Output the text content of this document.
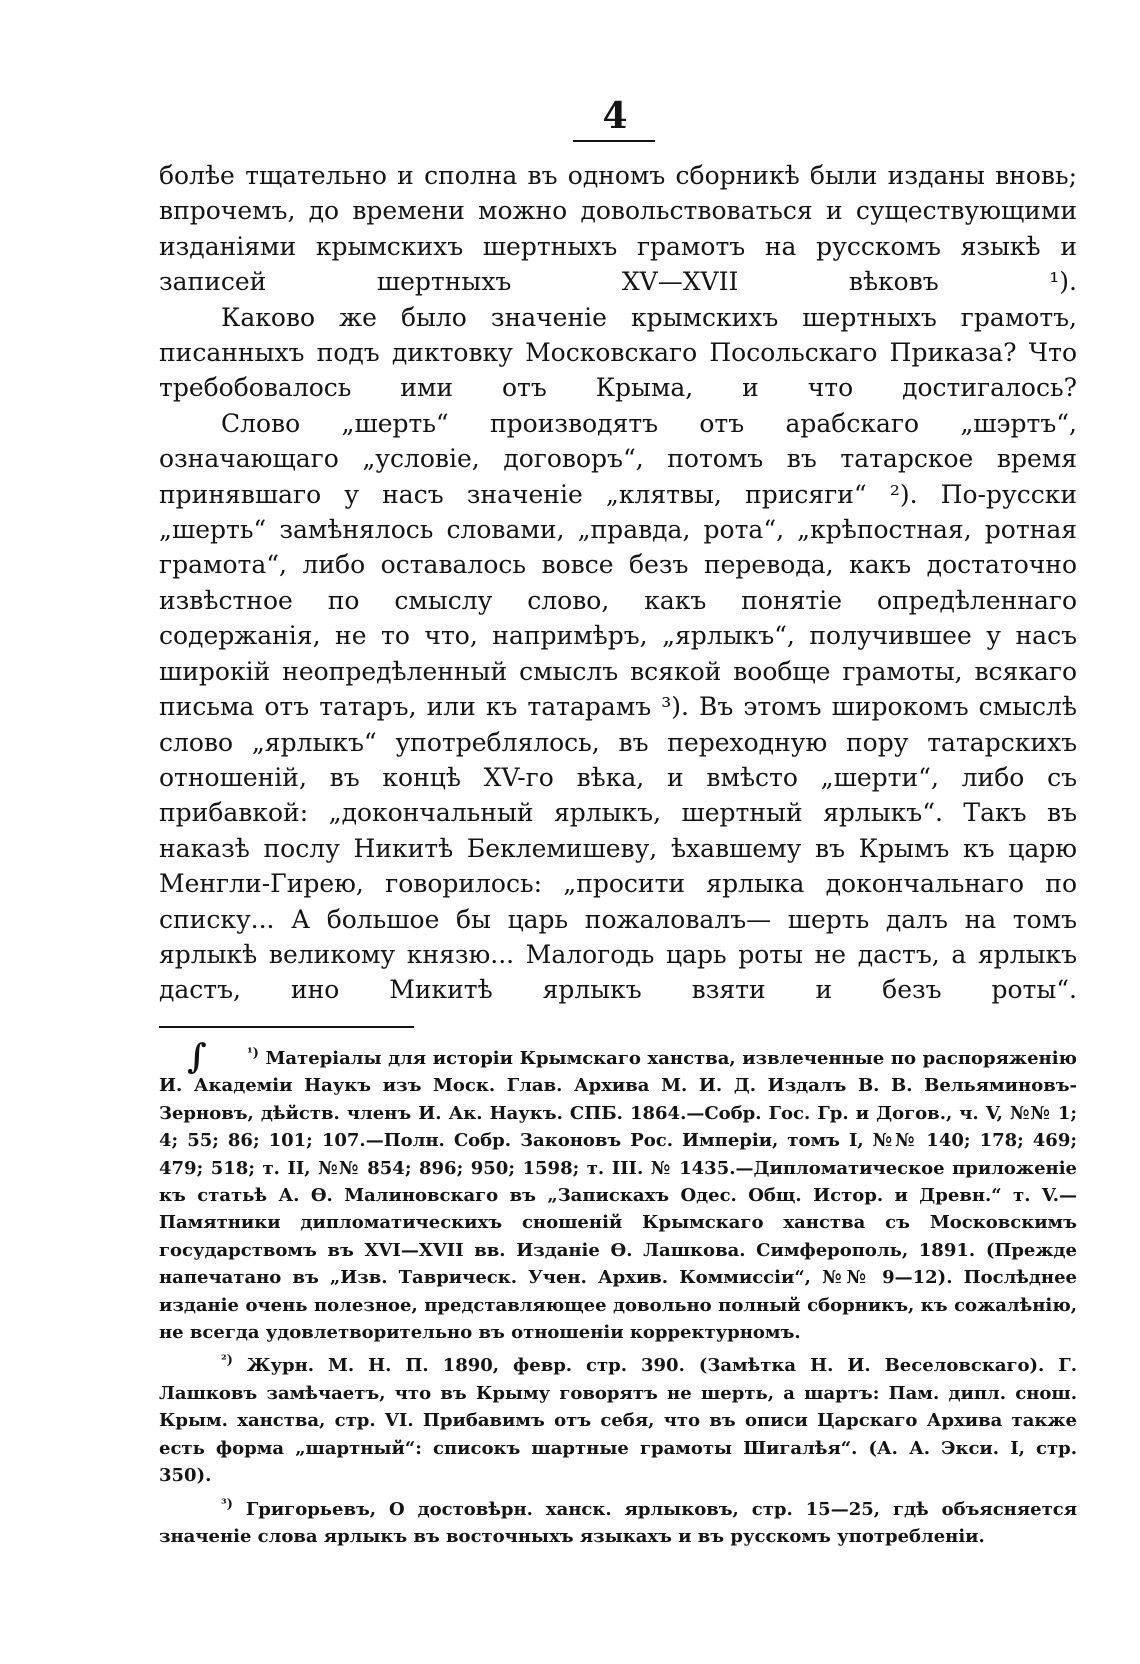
4

болѣе тщательно и сполна въ одномъ сборникѣ были изданы вновь; впрочемъ, до времени можно довольствоваться и существующими изданiями крымскихъ шертныхъ грамотъ на русскомъ языкѣ и записей шертныхъ XV—XVII вѣковъ ¹).

Каково же было значенiе крымскихъ шертныхъ грамотъ, писанныхъ подъ диктовку Московскаго Посольскаго Приказа? Что требобовалось ими отъ Крыма, и что достигалось?

Слово „шерть“ производятъ отъ арабскаго „шэртъ“, означающаго „условiе, договоръ“, потомъ въ татарское время принявшаго у насъ значенiе „клятвы, присяги“ ²). По-русски „шерть“ замѣнялось словами, „правда, рота“, „крѣпостная, ротная грамота“, либо оставалось вовсе безъ перевода, какъ достаточно извѣстное по смыслу слово, какъ понятiе опредѣленнаго содержанiя, не то что, напримѣръ, „ярлыкъ“, получившее у насъ широкiй неопредѣленный смыслъ всякой вообще грамоты, всякаго письма отъ татаръ, или къ татарамъ ³). Въ этомъ широкомъ смыслѣ слово „ярлыкъ“ употреблялось, въ переходную пору татарскихъ отношенiй, въ концѣ XV-го вѣка, и вмѣсто „шерти“, либо съ прибавкой: „докончальный ярлыкъ, шертный ярлыкъ“. Такъ въ наказѣ послу Никитѣ Беклемишеву, ѣхавшему въ Крымъ къ царю Менгли-Гирею, говорилось: „просити ярлыка докончальнаго по списку... А большое бы царь пожаловалъ— шерть далъ на томъ ярлыкѣ великому князю... Малогодь царь роты не дастъ, а ярлыкъ дастъ, ино Микитѣ ярлыкъ взяти и безъ роты“.

∫	$^{^1)}$ Матерiалы для исторiи Крымскаго ханства, извлеченные по распоряженiю И. Академiи Наукъ изъ Моск. Глав. Архива М. И. Д. Издалъ В. В. Вельяминовъ-Зерновъ, дѣйств. членъ И. Ак. Наукъ. СПБ. 1864.—Собр. Гос. Гр. и Догов., ч. V, №№ 1; 4; 55; 86; 101; 107.—Полн. Собр. Законовъ Рос. Имперiи, томъ I, №№ 140; 178; 469; 479; 518; т. II, №№ 854; 896; 950; 1598; т. III. № 1435.—Дипломатическое приложенiе къ статьѣ А. Ѳ. Малиновскаго въ „Запискахъ Одес. Общ. Истор. и Древн.“ т. V.—Памятники дипломатическихъ сношенiй Крымскаго ханства съ Московскимъ государствомъ въ XVI—XVII вв. Изданiе Ѳ. Лашкова. Симферополь, 1891. (Прежде напечатано въ „Изв. Таврическ. Учен. Архив. Коммиссiи“, №№ 9—12). Послѣднее изданiе очень полезное, представляющее довольно полный сборникъ, къ сожалѣнiю, не всегда удовлетворительно въ отношенiи корректурномъ.

$^{^2)}$ Журн. М. Н. П. 1890, февр. стр. 390. (Замѣтка Н. И. Веселовскаго). Г. Лашковъ замѣчаетъ, что въ Крыму говорятъ не шерть, а шартъ: Пам. дипл. снош. Крым. ханства, стр. VI. Прибавимъ отъ себя, что въ описи Царскаго Архива также есть форма „шартный“: списокъ шартные грамоты Шигалѣя“. (А. А. Экси. I, стр. 350).

$^{^3)}$ Григорьевъ, О достовѣрн. ханск. ярлыковъ, стр. 15—25, гдѣ объясняется значенiе слова ярлыкъ въ восточныхъ языкахъ и въ русскомъ употребленiи.
